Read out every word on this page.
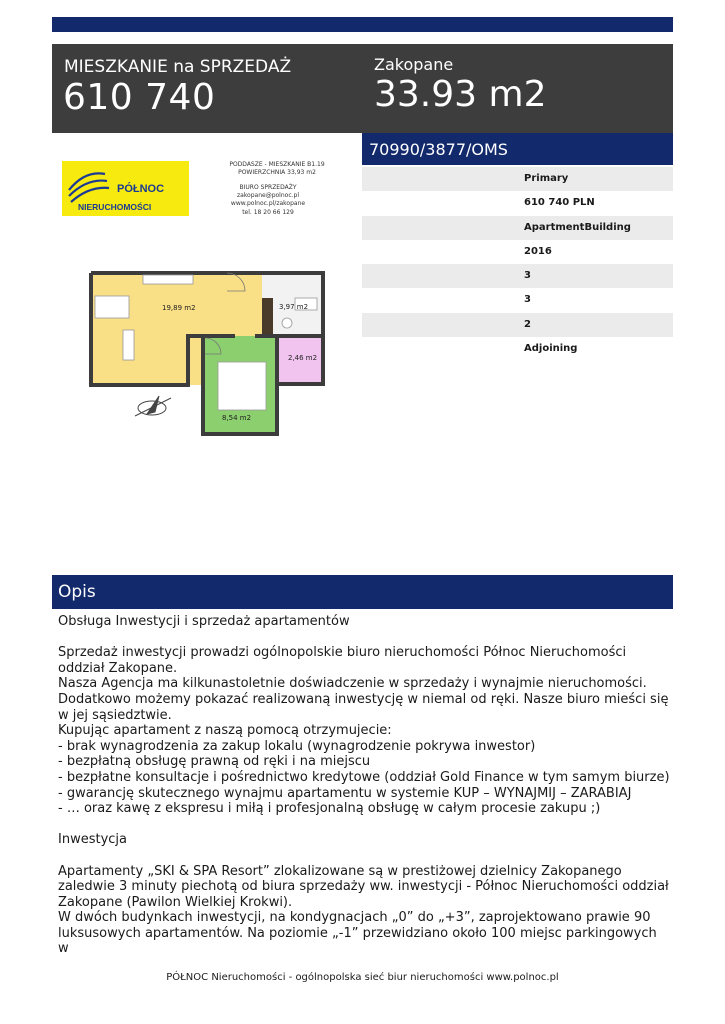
MIESZKANIE na SPRZEDAŻ
610 740
Zakopane
33.93 m2
70990/3877/OMS
Primary
610 740 PLN
ApartmentBuilding
2016
3
3
2
Adjoining
PÓŁNOC
NIERUCHOMOŚCI
PODDASZE - MIESZKANIE B1.19
POWIERZCHNIA 33,93 m2
BIURO SPRZEDAŻY
zakopane@polnoc.pl
www.polnoc.pl/zakopane
tel. 18 20 66 129
19,89 m2	3,97 m2
2,46 m2
8,54 m2
Opis

Obsługa Inwestycji i sprzedaż apartamentów

Sprzedaż inwestycji prowadzi ogólnopolskie biuro nieruchomości Północ Nieruchomości oddział Zakopane.

Nasza Agencja ma kilkunastoletnie doświadczenie w sprzedaży i wynajmie nieruchomości.

Dodatkowo możemy pokazać realizowaną inwestycję w niemal od ręki. Nasze biuro mieści się w jej sąsiedztwie.

Kupując apartament z naszą pomocą otrzymujecie:

- brak wynagrodzenia za zakup lokalu (wynagrodzenie pokrywa inwestor)

- bezpłatną obsługę prawną od ręki i na miejscu

- bezpłatne konsultacje i pośrednictwo kredytowe (oddział Gold Finance w tym samym biurze)

- gwarancję skutecznego wynajmu apartamentu w systemie KUP – WYNAJMIJ – ZARABIAJ

- … oraz kawę z ekspresu i miłą i profesjonalną obsługę w całym procesie zakupu ;)

Inwestycja

Apartamenty „SKI & SPA Resort” zlokalizowane są w prestiżowej dzielnicy Zakopanego zaledwie 3 minuty piechotą od biura sprzedaży ww. inwestycji - Północ Nieruchomości oddział Zakopane (Pawilon Wielkiej Krokwi).

W dwóch budynkach inwestycji, na kondygnacjach „0” do „+3”, zaprojektowano prawie 90 luksusowych apartamentów. Na poziomie „-1” przewidziano około 100 miejsc parkingowych w

PÓŁNOC Nieruchomości - ogólnopolska sieć biur nieruchomości www.polnoc.pl
